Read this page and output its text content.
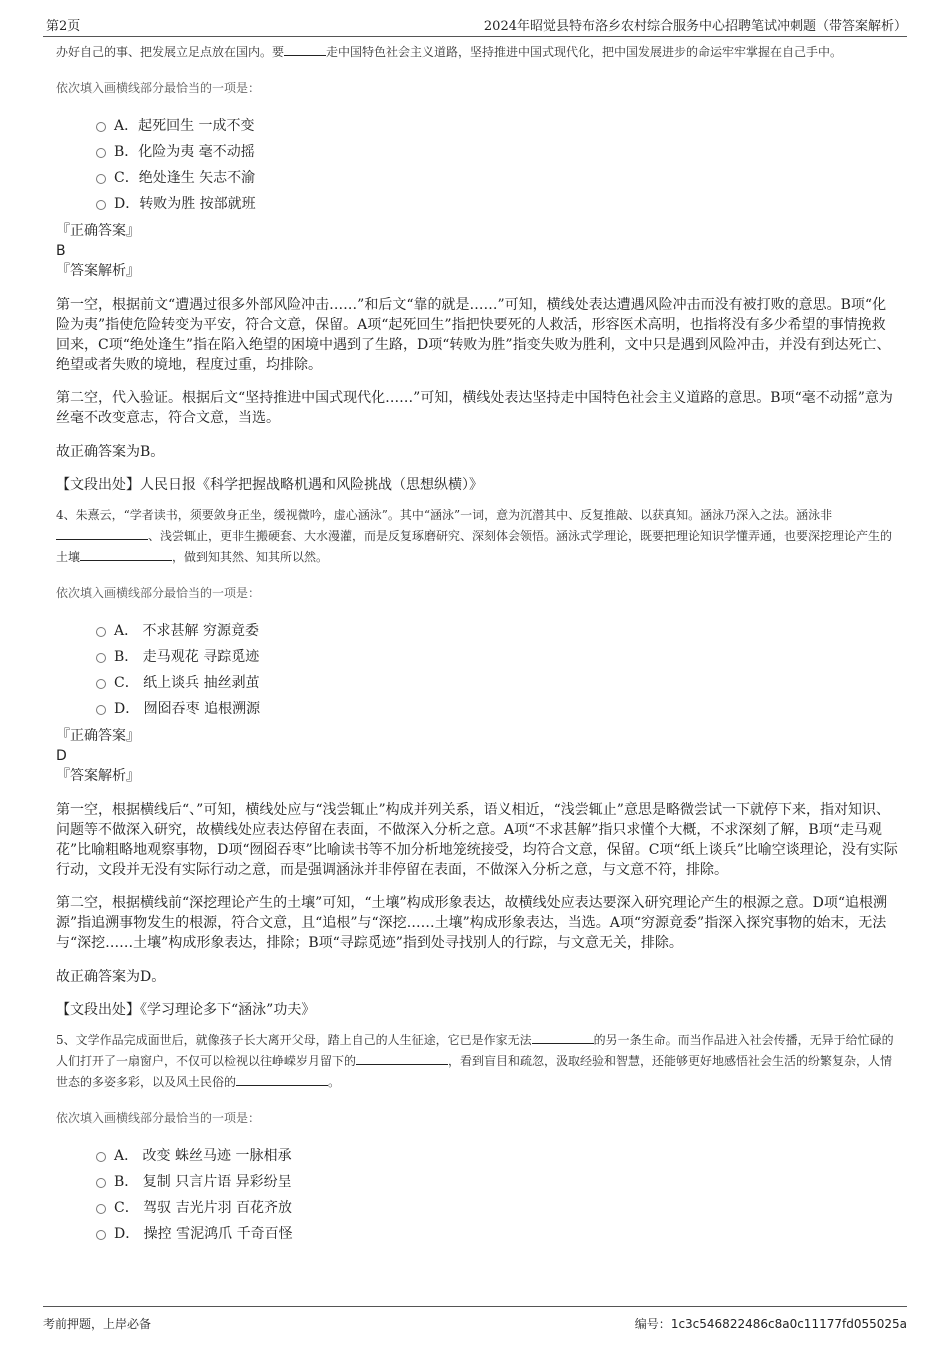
第2页	2024年昭觉县特布洛乡农村综合服务中心招聘笔试冲刺题（带答案解析）

办好自己的事、把发展立足点放在国内。要	走中国特色社会主义道路，坚持推进中国式现代化，把中国发展进步的命运牢牢掌握在自己手中。

依次填入画横线部分最恰当的一项是：

A．起死回生 一成不变
B．化险为夷 毫不动摇
C．绝处逢生 矢志不渝
D．转败为胜 按部就班

『正确答案』

B

『答案解析』

第一空，根据前文“遭遇过很多外部风险冲击……”和后文“靠的就是……”可知，横线处表达遭遇风险冲击而没有被打败的意思。B项“化险为夷”指使危险转变为平安，符合文意，保留。A项“起死回生”指把快要死的人救活，形容医术高明，也指将没有多少希望的事情挽救回来，C项“绝处逢生”指在陷入绝望的困境中遇到了生路，D项“转败为胜”指变失败为胜利，文中只是遇到风险冲击，并没有到达死亡、绝望或者失败的境地，程度过重，均排除。

第二空，代入验证。根据后文“坚持推进中国式现代化……”可知，横线处表达坚持走中国特色社会主义道路的意思。B项“毫不动摇”意为丝毫不改变意志，符合文意，当选。

故正确答案为B。

【文段出处】人民日报《科学把握战略机遇和风险挑战（思想纵横）》

4、朱熹云，“学者读书，须要敛身正坐，缓视微吟，虚心涵泳”。其中“涵泳”一词，意为沉潜其中、反复推敲、以获真知。涵泳乃深入之法。涵泳非、浅尝辄止，更非生搬硬套、大水漫灌，而是反复琢磨研究、深刻体会领悟。涵泳式学理论，既要把理论知识学懂弄通，也要深挖理论产生的土壤	，做到知其然、知其所以然。

依次填入画横线部分最恰当的一项是：

A． 不求甚解 穷源竟委
B． 走马观花 寻踪觅迹
C． 纸上谈兵 抽丝剥茧
D． 囫囵吞枣 追根溯源

『正确答案』

D

『答案解析』

第一空，根据横线后“、”可知，横线处应与“浅尝辄止”构成并列关系，语义相近，“浅尝辄止”意思是略微尝试一下就停下来，指对知识、问题等不做深入研究，故横线处应表达停留在表面，不做深入分析之意。A项“不求甚解”指只求懂个大概，不求深刻了解，B项“走马观花”比喻粗略地观察事物，D项“囫囵吞枣”比喻读书等不加分析地笼统接受，均符合文意，保留。C项“纸上谈兵”比喻空谈理论，没有实际行动，文段并无没有实际行动之意，而是强调涵泳并非停留在表面，不做深入分析之意，与文意不符，排除。

第二空，根据横线前“深挖理论产生的土壤”可知，“土壤”构成形象表达，故横线处应表达要深入研究理论产生的根源之意。D项“追根溯源”指追溯事物发生的根源，符合文意，且“追根”与“深挖……土壤”构成形象表达，当选。A项“穷源竟委”指深入探究事物的始末，无法与“深挖……土壤”构成形象表达，排除；B项“寻踪觅迹”指到处寻找别人的行踪，与文意无关，排除。

故正确答案为D。

【文段出处】《学习理论多下“涵泳”功夫》

5、文学作品完成面世后，就像孩子长大离开父母，踏上自己的人生征途，它已是作家无法	的另一条生命。而当作品进入社会传播，无异于给忙碌的人们打开了一扇窗户，不仅可以检视以往峥嵘岁月留下的	，看到盲目和疏忽，汲取经验和智慧，还能够更好地感悟社会生活的纷繁复杂，人情世态的多姿多彩，以及风土民俗的	。

依次填入画横线部分最恰当的一项是：

A． 改变 蛛丝马迹 一脉相承
B． 复制 只言片语 异彩纷呈
C． 驾驭 吉光片羽 百花齐放
D． 操控 雪泥鸿爪 千奇百怪
考前押题，上岸必备	编号：1c3c546822486c8a0c11177fd055025a
